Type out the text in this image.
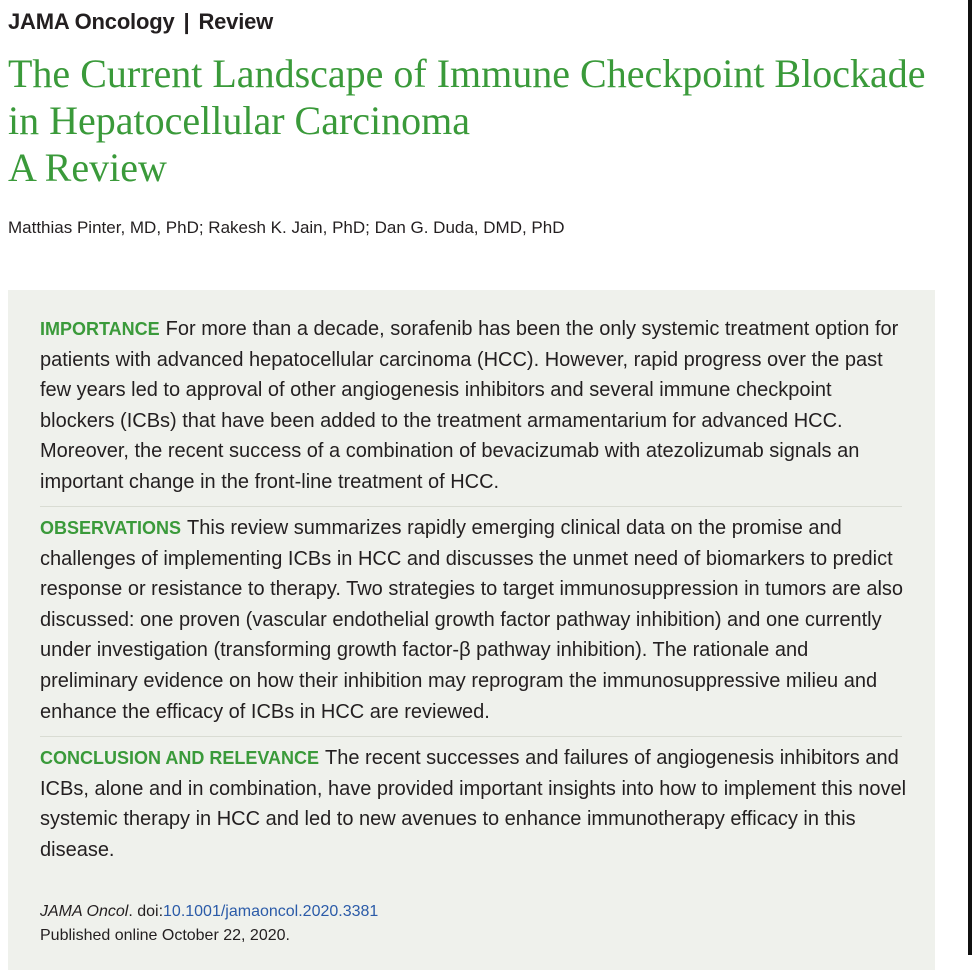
JAMA Oncology | Review
The Current Landscape of Immune Checkpoint Blockade
in Hepatocellular Carcinoma
A Review
Matthias Pinter, MD, PhD; Rakesh K. Jain, PhD; Dan G. Duda, DMD, PhD
IMPORTANCE For more than a decade, sorafenib has been the only systemic treatment option for patients with advanced hepatocellular carcinoma (HCC). However, rapid progress over the past few years led to approval of other angiogenesis inhibitors and several immune checkpoint blockers (ICBs) that have been added to the treatment armamentarium for advanced HCC. Moreover, the recent success of a combination of bevacizumab with atezolizumab signals an important change in the front-line treatment of HCC.
OBSERVATIONS This review summarizes rapidly emerging clinical data on the promise and challenges of implementing ICBs in HCC and discusses the unmet need of biomarkers to predict response or resistance to therapy. Two strategies to target immunosuppression in tumors are also discussed: one proven (vascular endothelial growth factor pathway inhibition) and one currently under investigation (transforming growth factor-β pathway inhibition). The rationale and preliminary evidence on how their inhibition may reprogram the immunosuppressive milieu and enhance the efficacy of ICBs in HCC are reviewed.
CONCLUSION AND RELEVANCE The recent successes and failures of angiogenesis inhibitors and ICBs, alone and in combination, have provided important insights into how to implement this novel systemic therapy in HCC and led to new avenues to enhance immunotherapy efficacy in this disease.
JAMA Oncol. doi:10.1001/jamaoncol.2020.3381
Published online October 22, 2020.
